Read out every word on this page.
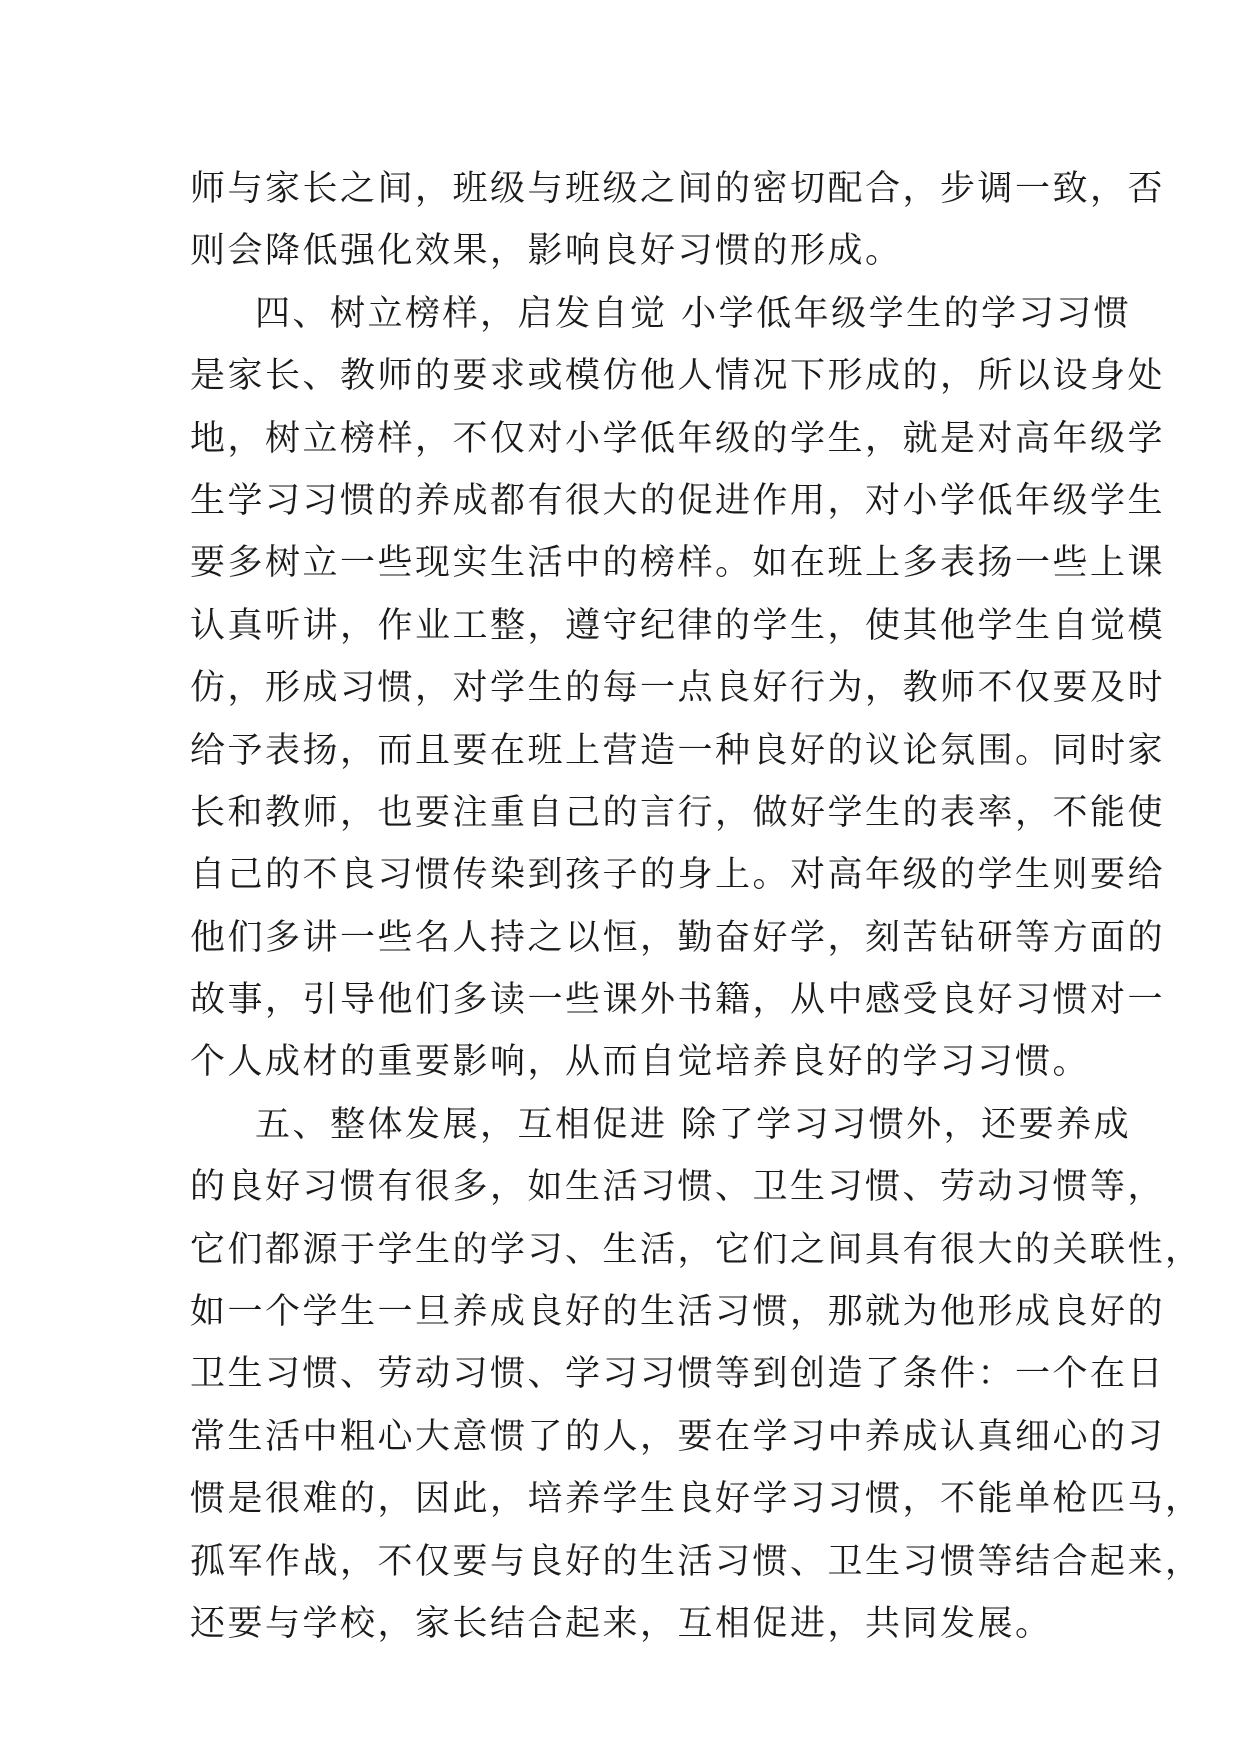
师与家长之间，班级与班级之间的密切配合，步调一致，否
则会降低强化效果，影响良好习惯的形成。
四、树立榜样，启发自觉 小学低年级学生的学习习惯
是家长、教师的要求或模仿他人情况下形成的，所以设身处
地，树立榜样，不仅对小学低年级的学生，就是对高年级学
生学习习惯的养成都有很大的促进作用，对小学低年级学生
要多树立一些现实生活中的榜样。如在班上多表扬一些上课
认真听讲，作业工整，遵守纪律的学生，使其他学生自觉模
仿，形成习惯，对学生的每一点良好行为，教师不仅要及时
给予表扬，而且要在班上营造一种良好的议论氛围。同时家
长和教师，也要注重自己的言行，做好学生的表率，不能使
自己的不良习惯传染到孩子的身上。对高年级的学生则要给
他们多讲一些名人持之以恒，勤奋好学，刻苦钻研等方面的
故事，引导他们多读一些课外书籍，从中感受良好习惯对一
个人成材的重要影响，从而自觉培养良好的学习习惯。
五、整体发展，互相促进 除了学习习惯外，还要养成
的良好习惯有很多，如生活习惯、卫生习惯、劳动习惯等，
它们都源于学生的学习、生活，它们之间具有很大的关联性，
如一个学生一旦养成良好的生活习惯，那就为他形成良好的
卫生习惯、劳动习惯、学习习惯等到创造了条件：一个在日
常生活中粗心大意惯了的人，要在学习中养成认真细心的习
惯是很难的，因此，培养学生良好学习习惯，不能单枪匹马，
孤军作战，不仅要与良好的生活习惯、卫生习惯等结合起来，
还要与学校，家长结合起来，互相促进，共同发展。
